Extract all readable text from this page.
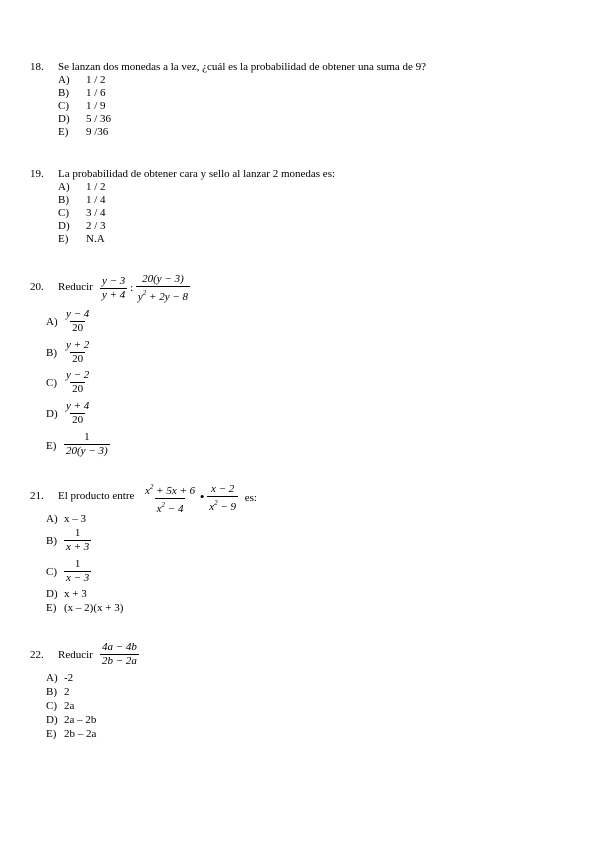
18. Se lanzan dos monedas a la vez, ¿cuál es la probabilidad de obtener una suma de 9?
A) 1 / 2
B) 1 / 6
C) 1 / 9
D) 5 / 36
E) 9 /36
19. La probabilidad de obtener cara y sello al lanzar 2 monedas es:
A) 1 / 2
B) 1 / 4
C) 3 / 4
D) 2 / 3
E) N.A
20. Reducir $\frac{y - 3}{y + 4}$ : $\frac{20(y - 3)}{y^2 + 2y - 8}$
$A) \frac{y - 4}{20}$
$B) \frac{y + 2}{20}$
$C) \frac{y - 2}{20}$
$D) \frac{y + 4}{20}$
$E) \frac{1}{20(y - 3)}$
21. El producto entre $\frac{x^2 + 5x + 6}{x^2 - 4}$ • $\frac{x - 2}{x^2 - 9}$ es:
A) x – 3
$B) \frac{1}{x + 3}$
$C) \frac{1}{x - 3}$
D) x + 3
E) (x – 2)(x + 3)
22. Reducir $\frac{4a - 4b}{2b - 2a}$
A) -2
B) 2
C) 2a
D) 2a – 2b
E) 2b – 2a
